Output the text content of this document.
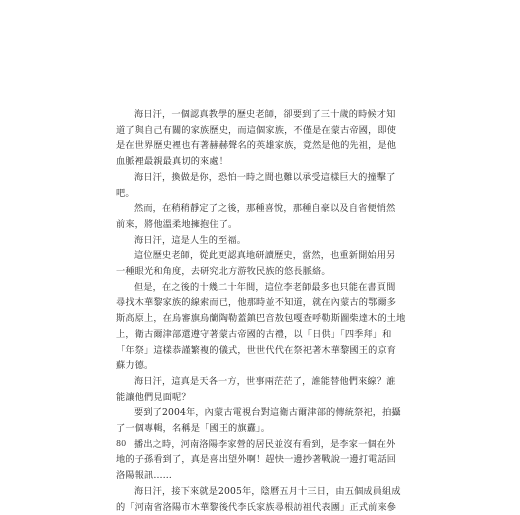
海日汗，一個認真教學的歷史老師，卻要到了三十歲的時候才知
道了與自己有關的家族歷史，而這個家族，不僅是在蒙古帝國，即使
是在世界歷史裡也有著赫赫聲名的英雄家族，竟然是他的先祖，是他
血脈裡最親最真切的來處！

海日汗，換做是你，恐怕一時之間也難以承受這樣巨大的撞擊了
吧。

然而，在稍稍靜定了之後，那種喜悅，那種自豪以及自省便悄然
前來，將他溫柔地擁抱住了。

海日汗，這是人生的至福。

這位歷史老師，從此更認真地研讀歷史，當然，也重新開始用另
一種眼光和角度，去研究北方游牧民族的悠長脈絡。

但是，在之後的十幾二十年間，這位李老師最多也只能在書頁間
尋找木華黎家族的線索而已，他那時並不知道，就在內蒙古的鄂爾多
斯高原上，在烏審旗烏蘭陶勒蓋鎮巴音敖包嘎查呼勒斯圖柴達木的土地
上，衛古爾津部還遵守著蒙古帝國的古禮，以「日供」「四季拜」和
「年祭」這樣恭謹繁複的儀式，世世代代在祭祀著木華黎國王的京育
蘇力德。

海日汗，這真是天各一方，世事兩茫茫了，誰能替他們來線？誰
能讓他們見面呢？

要到了2004年，內蒙古電視台對這衛古爾津部的傳統祭祀，拍攝
了一個專輯，名稱是「國王的旗纛」。

播出之時，河南洛陽李家營的居民並沒有看到，是李家一個在外
地的子孫看到了，真是喜出望外啊！趕快一邊抄著戰說一邊打電話回
洛陽報訊……

海日汗，接下來就是2005年，陰曆五月十三日，由五個成員組成
的「河南省洛陽市木華黎後代李氏家族尋根訪祖代表團」正式前來參

80
